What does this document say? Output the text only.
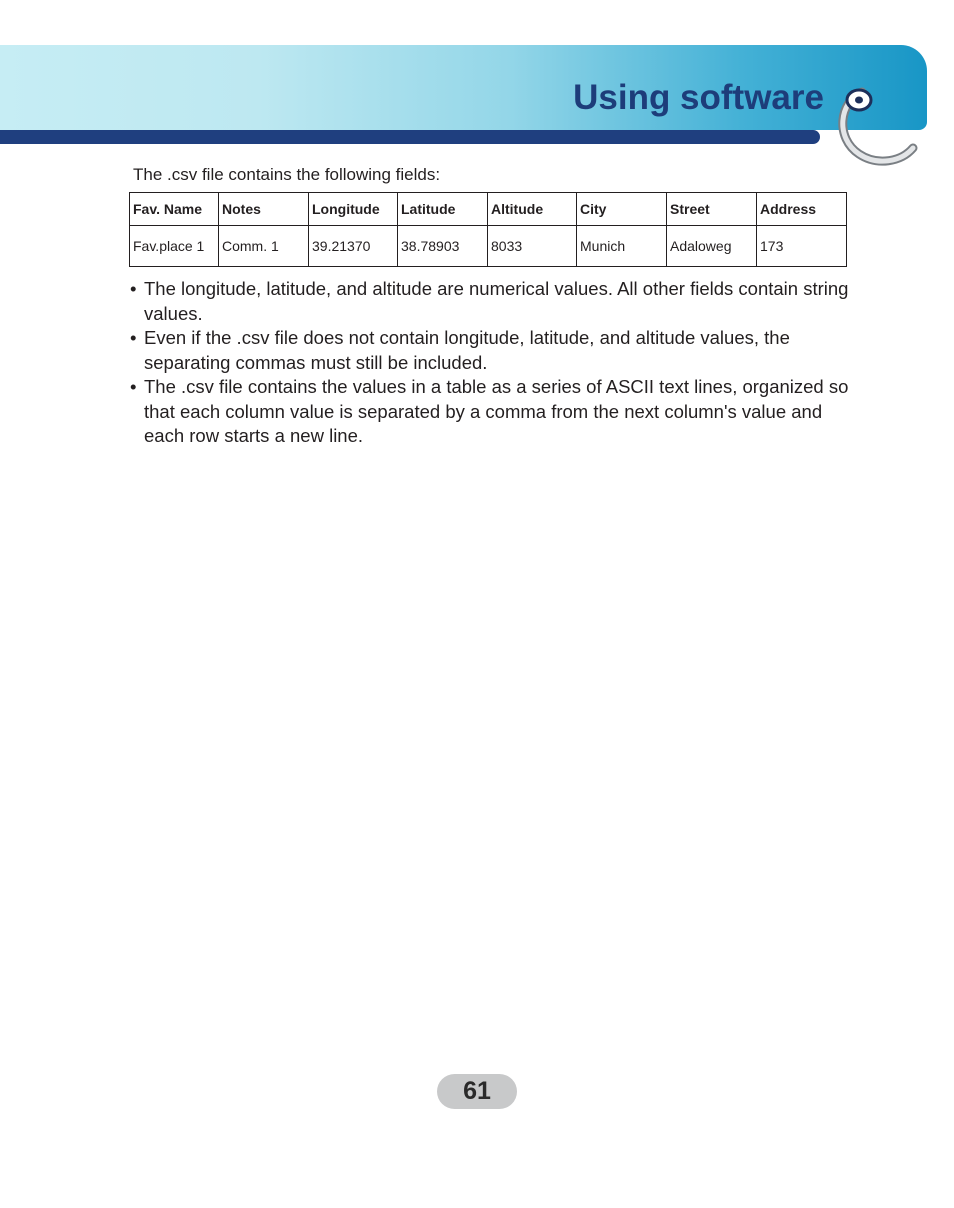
Using software
The .csv file contains the following fields:
Fav. Name	Notes	Longitude	Latitude	Altitude	City	Street	Address
Fav.place 1	Comm. 1	39.21370	38.78903	8033	Munich	Adaloweg	173
• The longitude, latitude, and altitude are numerical values. All other fields contain string values.
• Even if the .csv file does not contain longitude, latitude, and altitude values, the separating commas must still be included.
• The .csv file contains the values in a table as a series of ASCII text lines, organized so that each column value is separated by a comma from the next column's value and each row starts a new line.
61
